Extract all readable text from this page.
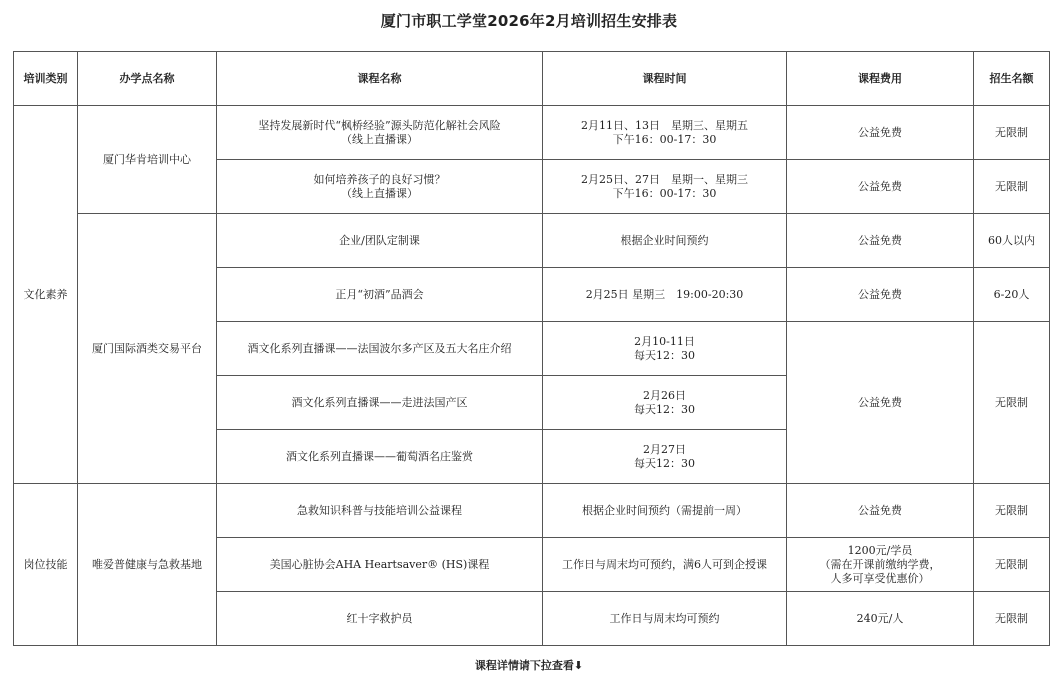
厦门市职工学堂2026年2月培训招生安排表
培训类别	办学点名称	课程名称	课程时间	课程费用	招生名额
文化素养	厦门华肯培训中心	坚持发展新时代“枫桥经验”源头防范化解社会风险
（线上直播课）	2月11日、13日　星期三、星期五
下午16：00-17：30	公益免费	无限制

		如何培养孩子的良好习惯？
（线上直播课）	2月25日、27日　星期一、星期三
下午16：00-17：30	公益免费	无限制
	厦门国际酒类交易平台	企业/团队定制课	根据企业时间预约	公益免费	60人以内
		正月“初酒”品酒会	2月25日 星期三　19:00-20:30	公益免费	6-20人
		酒文化系列直播课——法国波尔多产区及五大名庄介绍	2月10-11日
每天12：30	公益免费	无限制
		酒文化系列直播课——走进法国产区	2月26日
每天12：30		

		酒文化系列直播课——葡萄酒名庄鉴赏	2月27日
每天12：30		

岗位技能	唯爱普健康与急救基地	急救知识科普与技能培训公益课程	根据企业时间预约（需提前一周）	公益免费	无限制
		美国心脏协会AHA Heartsaver® (HS)课程	工作日与周末均可预约，满6人可到企授课	1200元/学员
（需在开课前缴纳学费，
人多可享受优惠价）	无限制
		红十字救护员	工作日与周末均可预约	240元/人	无限制
课程详情请下拉查看⬇
